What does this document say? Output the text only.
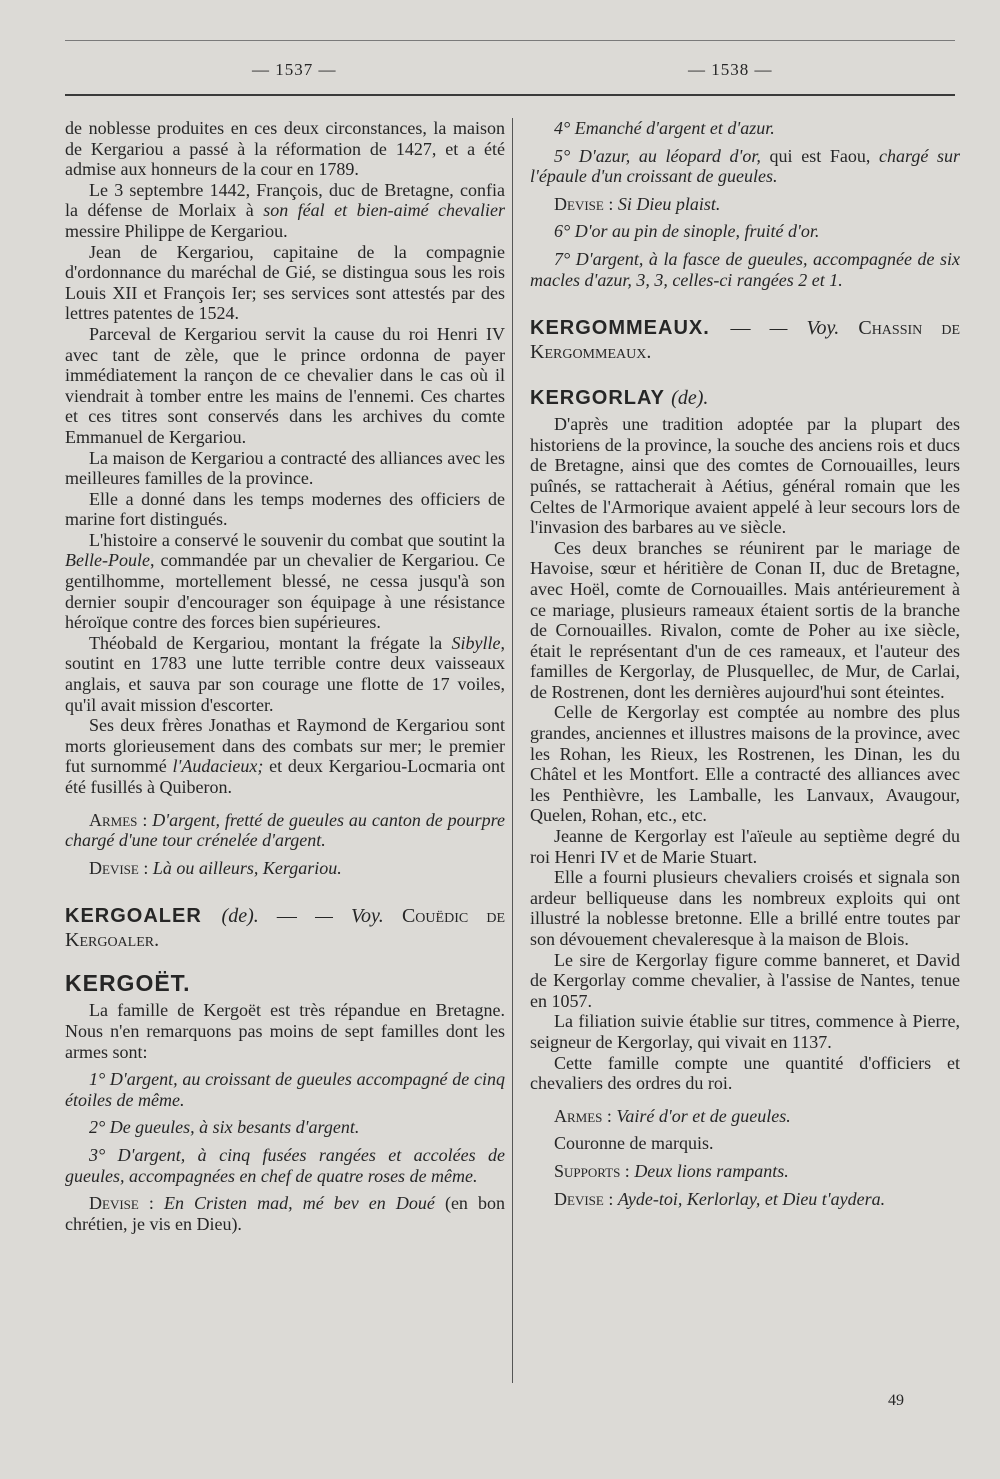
— 1537 —	— 1538 —

de noblesse produites en ces deux circonstances, la maison de Kergariou a passé à la réformation de 1427, et a été admise aux honneurs de la cour en 1789.

Le 3 septembre 1442, François, duc de Bretagne, confia la défense de Morlaix à son féal et bien-aimé chevalier messire Philippe de Kergariou.

Jean de Kergariou, capitaine de la compagnie d'ordonnance du maréchal de Gié, se distingua sous les rois Louis XII et François Ier; ses services sont attestés par des lettres patentes de 1524.

Parceval de Kergariou servit la cause du roi Henri IV avec tant de zèle, que le prince ordonna de payer immédiatement la rançon de ce chevalier dans le cas où il viendrait à tomber entre les mains de l'ennemi. Ces chartes et ces titres sont conservés dans les archives du comte Emmanuel de Kergariou.

La maison de Kergariou a contracté des alliances avec les meilleures familles de la province.

Elle a donné dans les temps modernes des officiers de marine fort distingués.

L'histoire a conservé le souvenir du combat que soutint la Belle-Poule, commandée par un chevalier de Kergariou. Ce gentilhomme, mortellement blessé, ne cessa jusqu'à son dernier soupir d'encourager son équipage à une résistance héroïque contre des forces bien supérieures.

Théobald de Kergariou, montant la frégate la Sibylle, soutint en 1783 une lutte terrible contre deux vaisseaux anglais, et sauva par son courage une flotte de 17 voiles, qu'il avait mission d'escorter.

Ses deux frères Jonathas et Raymond de Kergariou sont morts glorieusement dans des combats sur mer; le premier fut surnommé l'Audacieux; et deux Kergariou-Locmaria ont été fusillés à Quiberon.

Armes : D'argent, fretté de gueules au canton de pourpre chargé d'une tour crénelée d'argent.

Devise : Là ou ailleurs, Kergariou.

KERGOALER (de). — — Voy. Couëdic de Kergoaler.
KERGOËT.

La famille de Kergoët est très répandue en Bretagne. Nous n'en remarquons pas moins de sept familles dont les armes sont:

1° D'argent, au croissant de gueules accompagné de cinq étoiles de même.

2° De gueules, à six besants d'argent.

3° D'argent, à cinq fusées rangées et accolées de gueules, accompagnées en chef de quatre roses de même.

Devise : En Cristen mad, mé bev en Doué (en bon chrétien, je vis en Dieu).

4° Emanché d'argent et d'azur.

5° D'azur, au léopard d'or, qui est Faou, chargé sur l'épaule d'un croissant de gueules.

Devise : Si Dieu plaist.

6° D'or au pin de sinople, fruité d'or.

7° D'argent, à la fasce de gueules, accompagnée de six macles d'azur, 3, 3, celles-ci rangées 2 et 1.

KERGOMMEAUX. — — Voy. Chassin de Kergommeaux.
KERGORLAY (de).

D'après une tradition adoptée par la plupart des historiens de la province, la souche des anciens rois et ducs de Bretagne, ainsi que des comtes de Cornouailles, leurs puînés, se rattacherait à Aétius, général romain que les Celtes de l'Armorique avaient appelé à leur secours lors de l'invasion des barbares au ve siècle.

Ces deux branches se réunirent par le mariage de Havoise, sœur et héritière de Conan II, duc de Bretagne, avec Hoël, comte de Cornouailles. Mais antérieurement à ce mariage, plusieurs rameaux étaient sortis de la branche de Cornouailles. Rivalon, comte de Poher au ixe siècle, était le représentant d'un de ces rameaux, et l'auteur des familles de Kergorlay, de Plusquellec, de Mur, de Carlai, de Rostrenen, dont les dernières aujourd'hui sont éteintes.

Celle de Kergorlay est comptée au nombre des plus grandes, anciennes et illustres maisons de la province, avec les Rohan, les Rieux, les Rostrenen, les Dinan, les du Châtel et les Montfort. Elle a contracté des alliances avec les Penthièvre, les Lamballe, les Lanvaux, Avaugour, Quelen, Rohan, etc., etc.

Jeanne de Kergorlay est l'aïeule au septième degré du roi Henri IV et de Marie Stuart.

Elle a fourni plusieurs chevaliers croisés et signala son ardeur belliqueuse dans les nombreux exploits qui ont illustré la noblesse bretonne. Elle a brillé entre toutes par son dévouement chevaleresque à la maison de Blois.

Le sire de Kergorlay figure comme banneret, et David de Kergorlay comme chevalier, à l'assise de Nantes, tenue en 1057.

La filiation suivie établie sur titres, commence à Pierre, seigneur de Kergorlay, qui vivait en 1137.

Cette famille compte une quantité d'officiers et chevaliers des ordres du roi.

Armes : Vairé d'or et de gueules.

Couronne de marquis.

Supports : Deux lions rampants.

Devise : Ayde-toi, Kerlorlay, et Dieu t'aydera.

49
